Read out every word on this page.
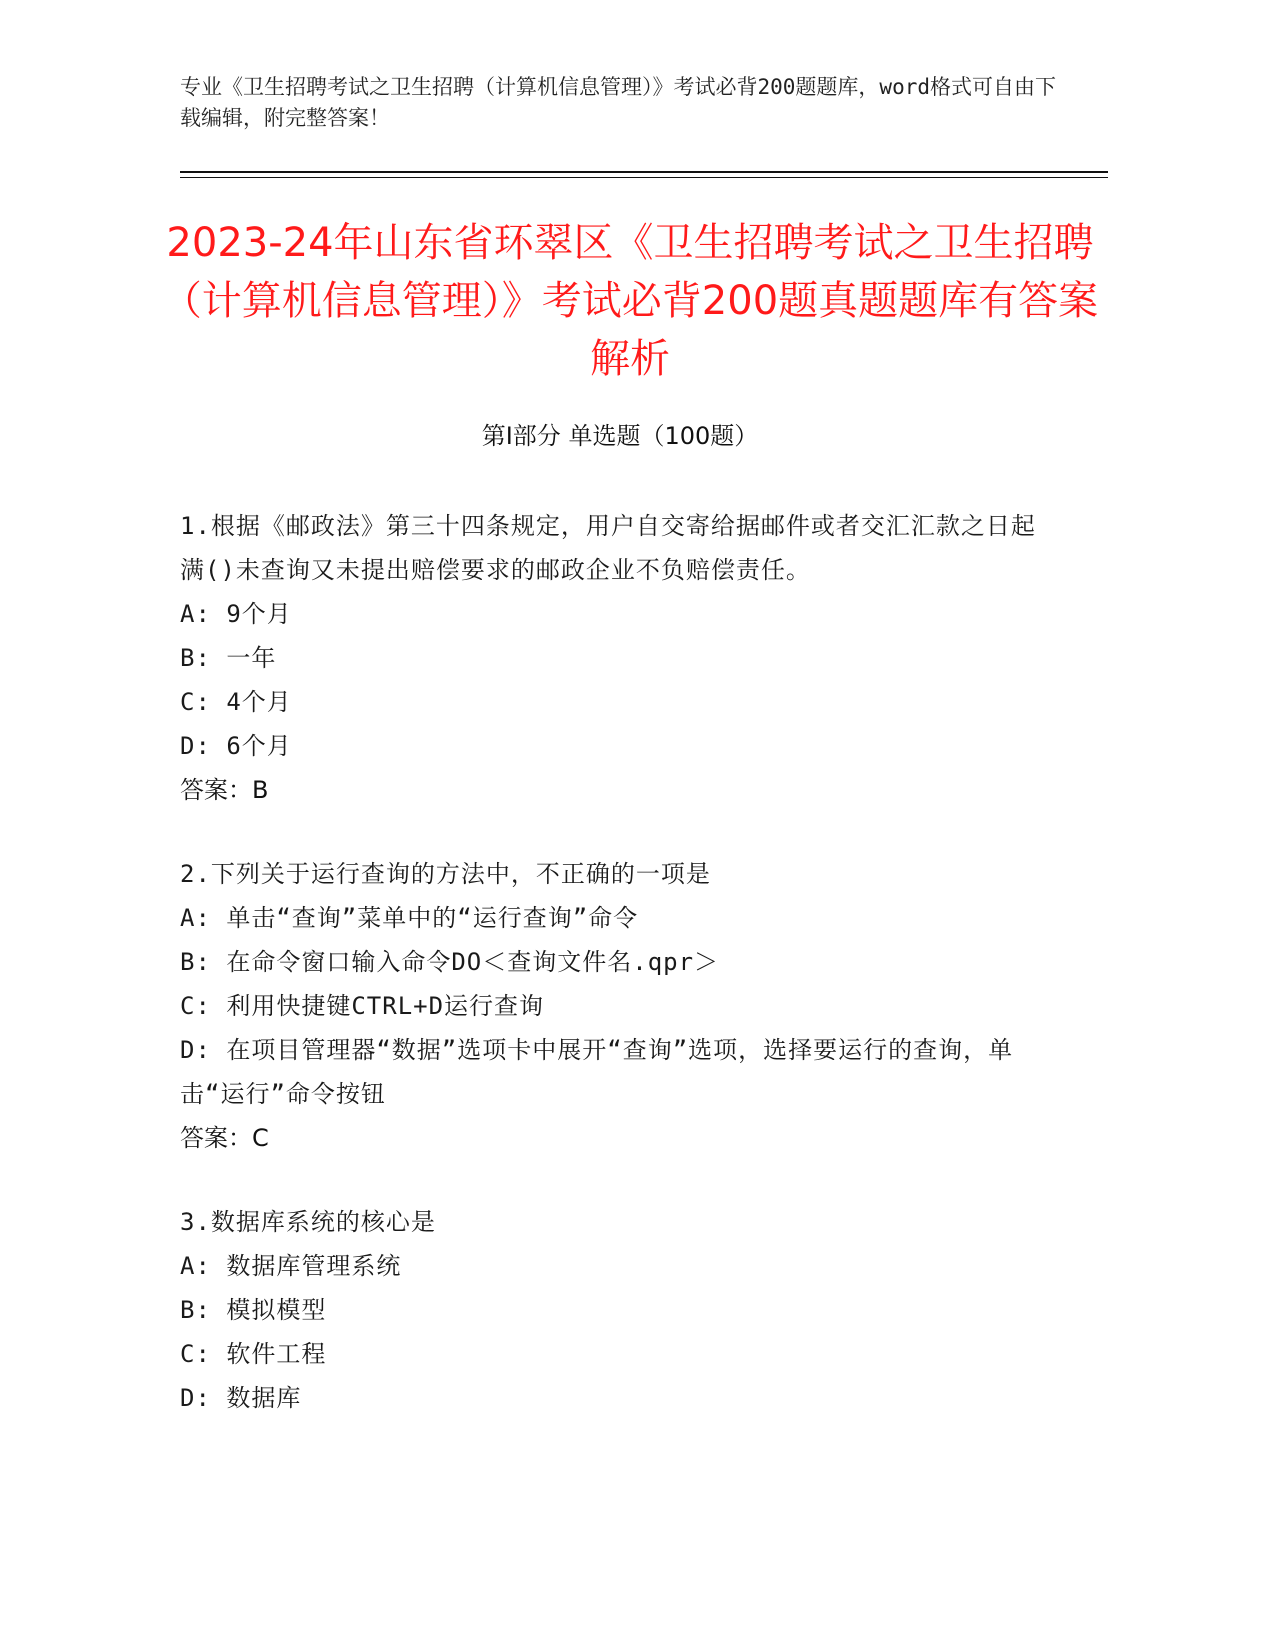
专业《卫生招聘考试之卫生招聘（计算机信息管理）》考试必背200题题库，word格式可自由下载编辑，附完整答案！
2023-24年山东省环翠区《卫生招聘考试之卫生招聘（计算机信息管理）》考试必背200题真题题库有答案解析
第I部分 单选题（100题）
1.根据《邮政法》第三十四条规定，用户自交寄给据邮件或者交汇汇款之日起满()未查询又未提出赔偿要求的邮政企业不负赔偿责任。
A: 9个月
B: 一年
C: 4个月
D: 6个月
答案：B
2.下列关于运行查询的方法中，不正确的一项是
A: 单击“查询”菜单中的“运行查询”命令
B: 在命令窗口输入命令DO＜查询文件名.qpr＞
C: 利用快捷键CTRL+D运行查询
D: 在项目管理器“数据”选项卡中展开“查询”选项，选择要运行的查询，单击“运行”命令按钮
答案：C
3.数据库系统的核心是
A: 数据库管理系统
B: 模拟模型
C: 软件工程
D: 数据库
